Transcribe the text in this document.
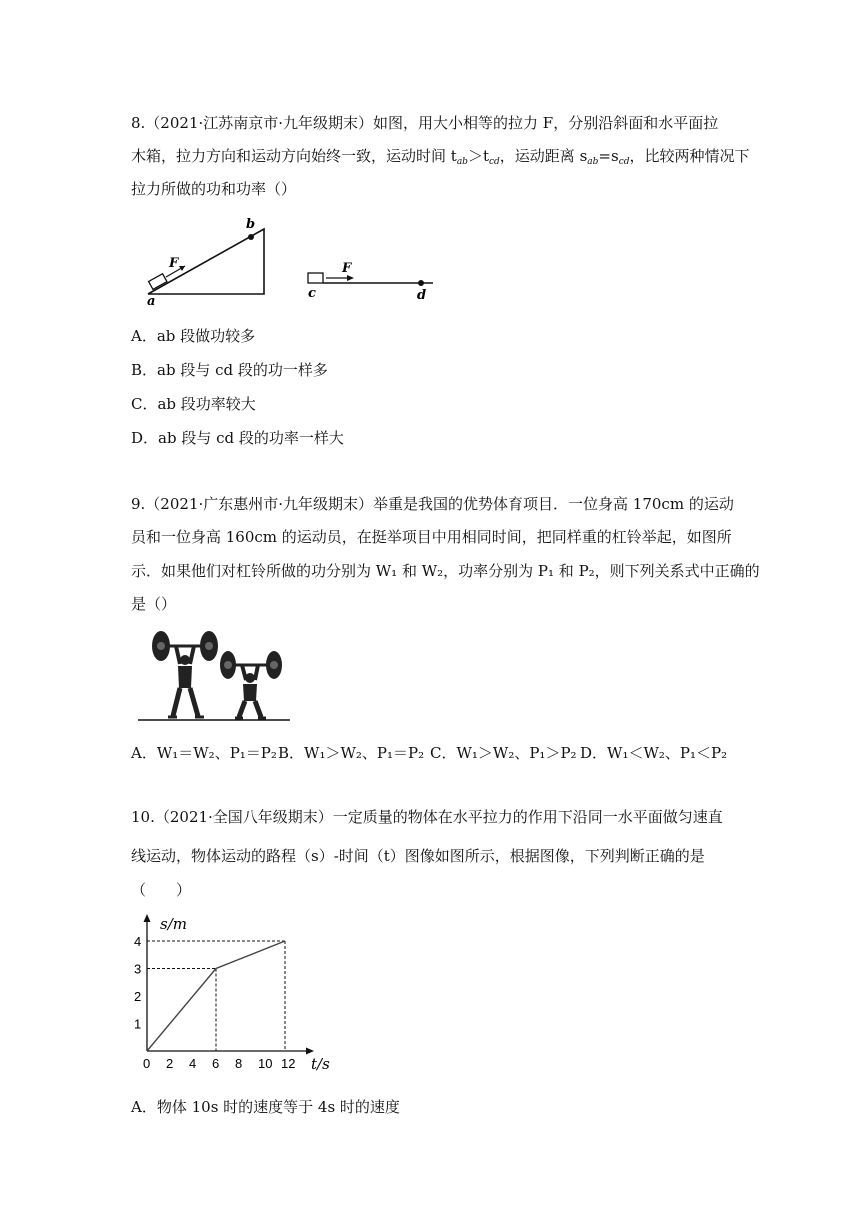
8.（2021·江苏南京市·九年级期末）如图，用大小相等的拉力 F，分别沿斜面和水平面拉
木箱，拉力方向和运动方向始终一致，运动时间 $t_{ab}>t_{cd}$，运动距离 $s_{ab}=s_{cd}$，比较两种情况下
拉力所做的功和功率（）
b
F
a
F
c	d
A．ab 段做功较多
B．ab 段与 cd 段的功一样多
C．ab 段功率较大
D．ab 段与 cd 段的功率一样大
9.（2021·广东惠州市·九年级期末）举重是我国的优势体育项目．一位身高 170cm 的运动
员和一位身高 160cm 的运动员，在挺举项目中用相同时间，把同样重的杠铃举起，如图所
示．如果他们对杠铃所做的功分别为 W₁ 和 W₂，功率分别为 P₁ 和 P₂，则下列关系式中正确的
是（）
A．W₁＝W₂、P₁＝P₂ B．W₁＞W₂、P₁＝P₂ C．W₁＞W₂、P₁＞P₂ D．W₁＜W₂、P₁＜P₂
10.（2021·全国八年级期末）一定质量的物体在水平拉力的作用下沿同一水平面做匀速直
线运动，物体运动的路程（s）-时间（t）图像如图所示，根据图像，下列判断正确的是
（　　）
0 2 4 6 8 10 12
1
2
3
4
s/m
t/s
A．物体 10s 时的速度等于 4s 时的速度
